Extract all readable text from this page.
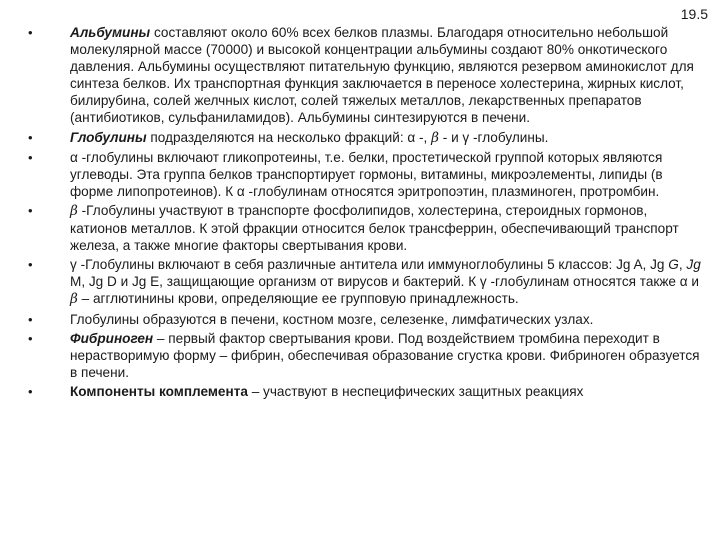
19.5
•	Альбумины составляют около 60% всех белков плазмы. Благодаря относительно небольшой молекулярной массе (70000) и высокой концентрации альбумины создают 80% онкотического давления. Альбумины осуществляют питательную функцию, являются резервом аминокислот для синтеза белков. Их транспортная функция заключается в переносе холестерина, жирных кислот, билирубина, солей желчных кислот, солей тяжелых металлов, лекарственных препаратов (антибиотиков, сульфаниламидов). Альбумины синтезируются в печени.
•	Глобулины подразделяются на несколько фракций: α -, β - и γ -глобулины.
•	α -глобулины включают гликопротеины, т.е. белки, простетической группой которых являются углеводы. Эта группа белков транспортирует гормоны, витамины, микроэлементы, липиды (в форме липопротеинов). К α -глобулинам относятся эритропоэтин, плазминоген, протромбин.
•	β -Глобулины участвуют в транспорте фосфолипидов, холестерина, стероидных гормонов, катионов металлов. К этой фракции относится белок трансферрин, обеспечивающий транспорт железа, а также многие факторы свертывания крови.
•	γ -Глобулины включают в себя различные антитела или иммуноглобулины 5 классов: Jg A, Jg G, Jg M, Jg D и Jg E, защищающие организм от вирусов и бактерий. К γ -глобулинам относятся также α и β – агглютинины крови, определяющие ее групповую принадлежность.
•	Глобулины образуются в печени, костном мозге, селезенке, лимфатических узлах.
•	Фибриноген – первый фактор свертывания крови. Под воздействием тромбина переходит в нерастворимую форму – фибрин, обеспечивая образование сгустка крови. Фибриноген образуется в печени.
•	Компоненты комплемента – участвуют в неспецифических защитных реакциях
